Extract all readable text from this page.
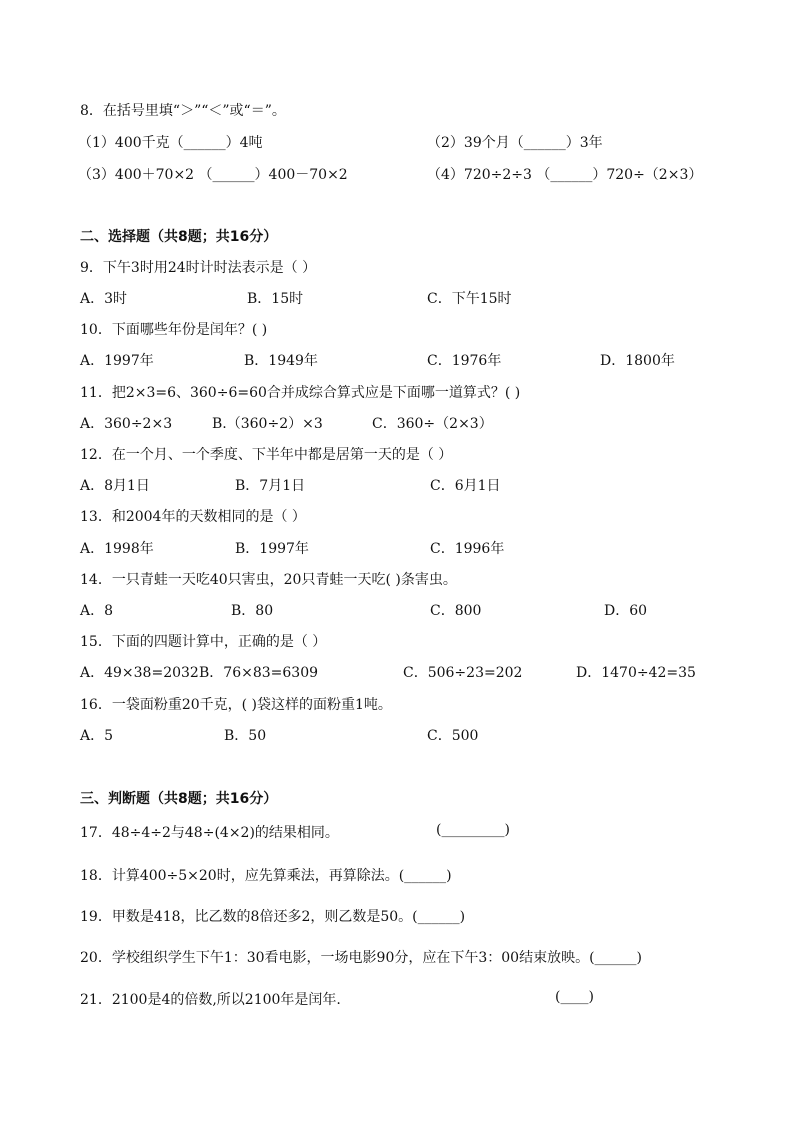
8．在括号里填“＞”“＜”或“＝”。
（1）400千克（______）4吨	（2）39个月（______）3年
（3）400＋70×2 （______）400－70×2	（4）720÷2÷3 （______）720÷（2×3）
二、选择题（共8题；共16分）
9．下午3时用24时计时法表示是（ ）
A．3时	B．15时	C．下午15时
10．下面哪些年份是闰年？( )
A．1997年	B．1949年	C．1976年	D．1800年
11．把2×3=6、360÷6=60合并成综合算式应是下面哪一道算式？( )
A．360÷2×3	B.（360÷2）×3	C．360÷（2×3）
12．在一个月、一个季度、下半年中都是居第一天的是（ ）
A．8月1日	B．7月1日	C．6月1日
13．和2004年的天数相同的是（ ）
A．1998年	B．1997年	C．1996年
14．一只青蛙一天吃40只害虫，20只青蛙一天吃( )条害虫。
A．8	B．80	C．800	D．60
15．下面的四题计算中，正确的是（ ）
A．49×38=2032 B．76×83=6309	C．506÷23=202	D．1470÷42=35
16．一袋面粉重20千克，( )袋这样的面粉重1吨。
A．5	B．50	C．500
三、判断题（共8题；共16分）
17．48÷4÷2与48÷(4×2)的结果相同。	(_________)
18．计算400÷5×20时，应先算乘法，再算除法。(______)
19．甲数是418，比乙数的8倍还多2，则乙数是50。(______)
20．学校组织学生下午1：30看电影，一场电影90分，应在下午3：00结束放映。(______)
21．2100是4的倍数,所以2100年是闰年.	(____)
